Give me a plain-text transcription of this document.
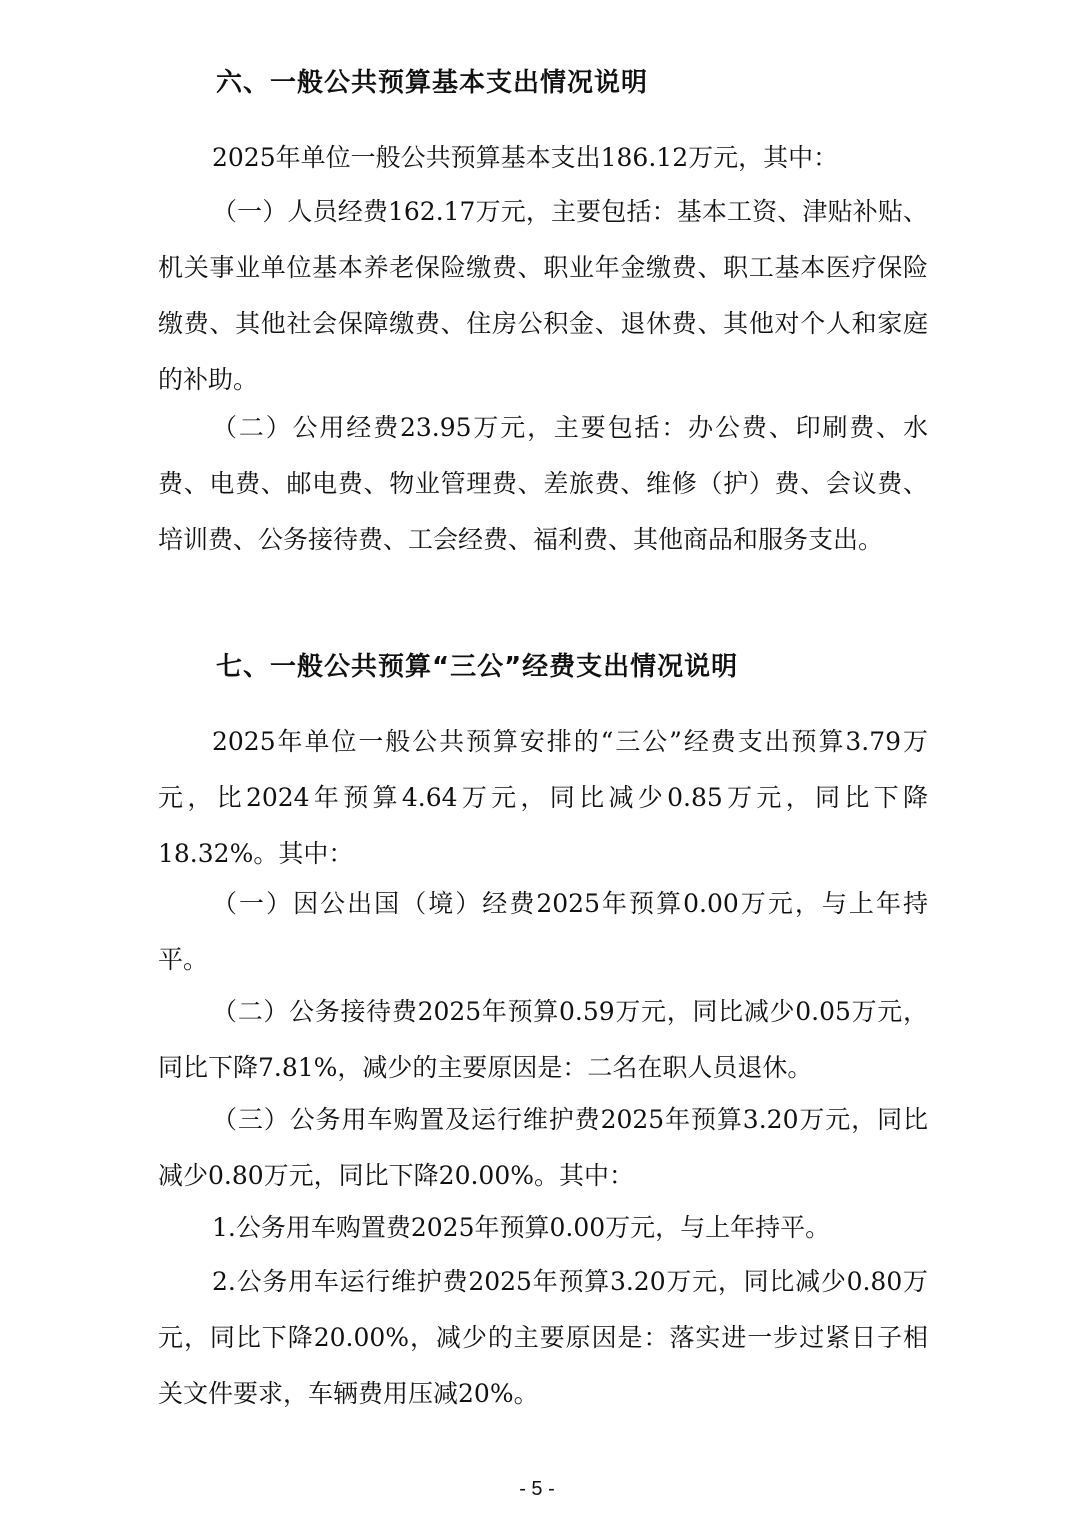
六、一般公共预算基本支出情况说明

2025年单位一般公共预算基本支出186.12万元，其中：

（一）人员经费162.17万元，主要包括：基本工资、津贴补贴、机关事业单位基本养老保险缴费、职业年金缴费、职工基本医疗保险缴费、其他社会保障缴费、住房公积金、退休费、其他对个人和家庭的补助。

（二）公用经费23.95万元，主要包括：办公费、印刷费、水费、电费、邮电费、物业管理费、差旅费、维修（护）费、会议费、培训费、公务接待费、工会经费、福利费、其他商品和服务支出。

七、一般公共预算“三公”经费支出情况说明

2025年单位一般公共预算安排的“三公”经费支出预算3.79万元，比2024年预算4.64万元，同比减少0.85万元，同比下降18.32%。其中：

（一）因公出国（境）经费2025年预算0.00万元，与上年持平。

（二）公务接待费2025年预算0.59万元，同比减少0.05万元，同比下降7.81%，减少的主要原因是：二名在职人员退休。

（三）公务用车购置及运行维护费2025年预算3.20万元，同比减少0.80万元，同比下降20.00%。其中：

1.公务用车购置费2025年预算0.00万元，与上年持平。

2.公务用车运行维护费2025年预算3.20万元，同比减少0.80万元，同比下降20.00%，减少的主要原因是：落实进一步过紧日子相关文件要求，车辆费用压减20%。

- 5 -
